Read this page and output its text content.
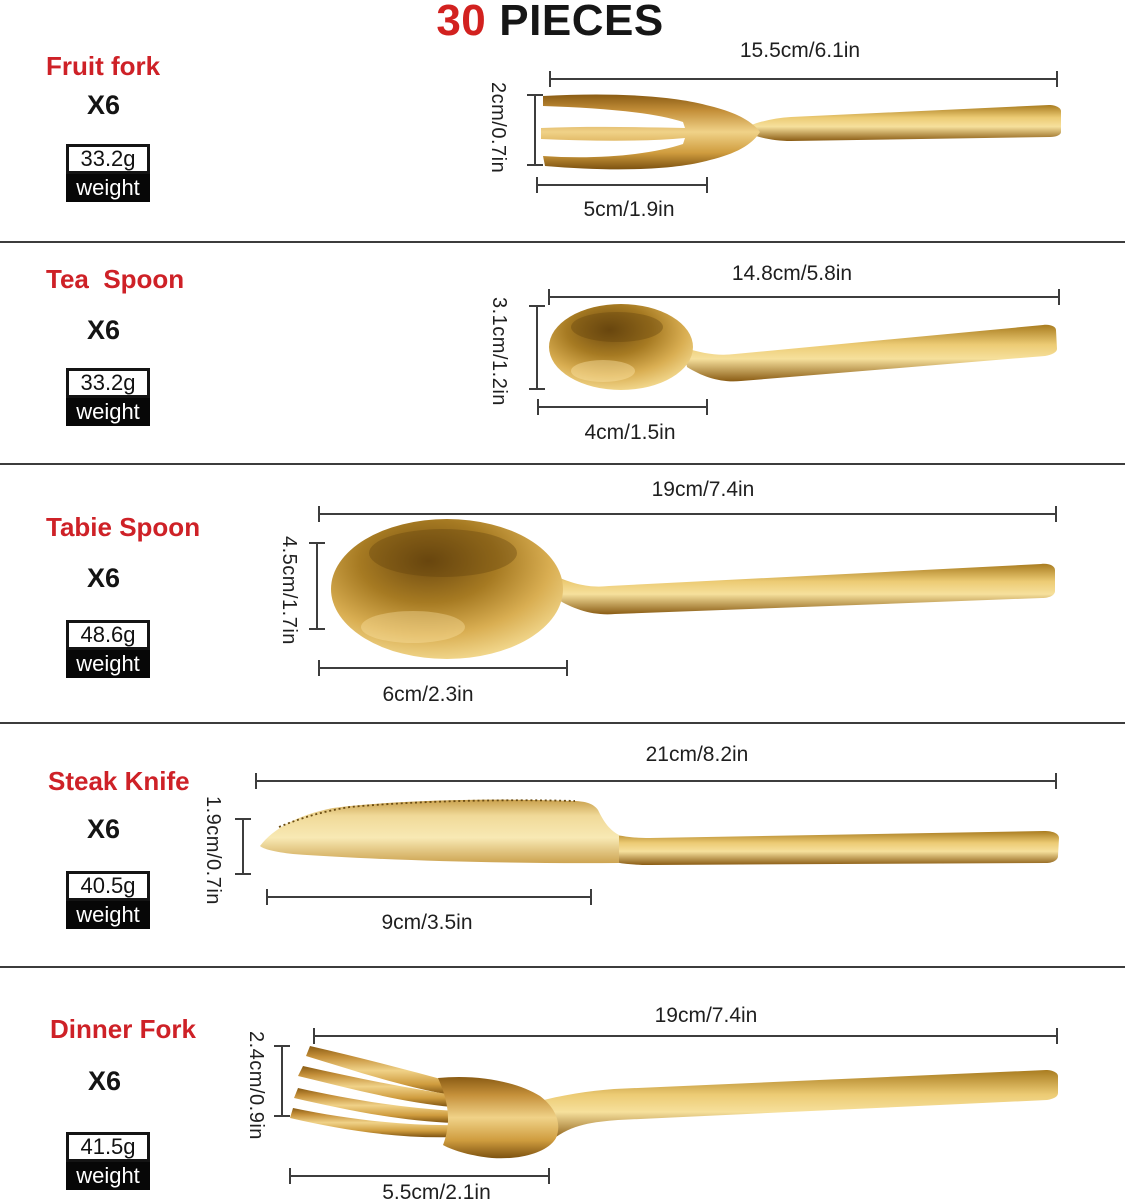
30 PIECES
Fruit fork
X6
33.2g
weight
15.5cm/6.1in
2cm/0.7in
5cm/1.9in
Tea  Spoon
X6
33.2g
weight
14.8cm/5.8in
3.1cm/1.2in
4cm/1.5in
Tabie Spoon
X6
48.6g
weight
19cm/7.4in
4.5cm/1.7in
6cm/2.3in
Steak Knife
X6
40.5g
weight
21cm/8.2in
1.9cm/0.7in
9cm/3.5in
Dinner Fork
X6
41.5g
weight
19cm/7.4in
2.4cm/0.9in
5.5cm/2.1in
